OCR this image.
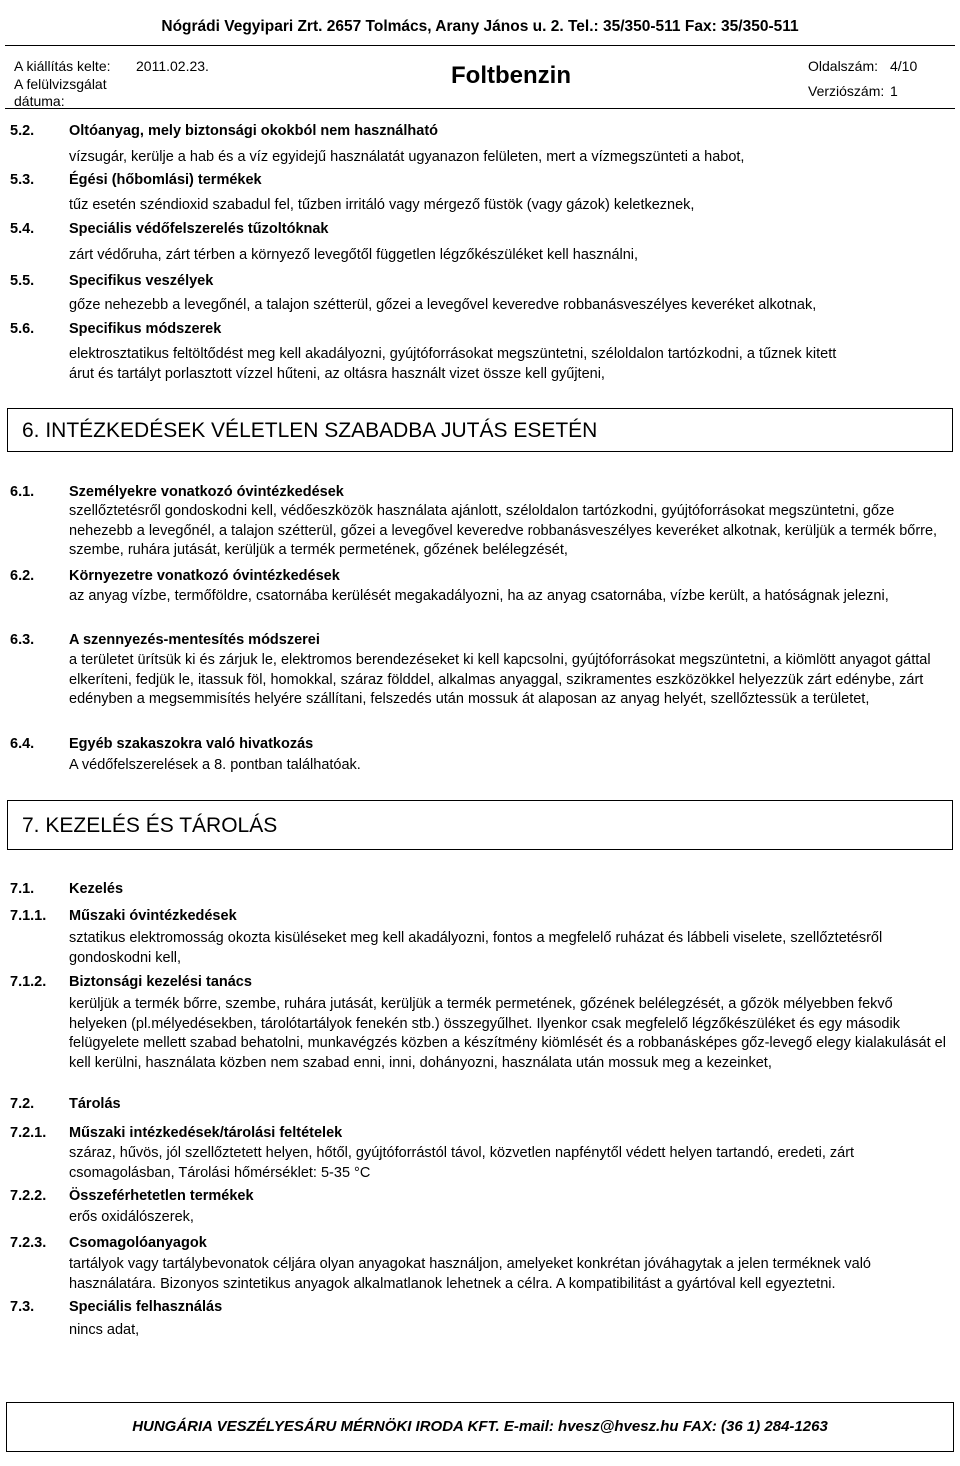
Nógrádi Vegyipari Zrt. 2657 Tolmács, Arany János u. 2. Tel.: 35/350-511 Fax: 35/350-511
A kiállítás kelte: 2011.02.23.
A felülvizsgálat
dátuma:
Foltbenzin	Oldalszám: 4/10
Verziószám: 1
5.2. Oltóanyag, mely biztonsági okokból nem használható
vízsugár, kerülje a hab és a víz egyidejű használatát ugyanazon felületen, mert a vízmegszünteti a habot,
5.3. Égési (hőbomlási) termékek
tűz esetén széndioxid szabadul fel, tűzben irritáló vagy mérgező füstök (vagy gázok) keletkeznek,
5.4. Speciális védőfelszerelés tűzoltóknak
zárt védőruha, zárt térben a környező levegőtől független légzőkészüléket kell használni,
5.5. Specifikus veszélyek
gőze nehezebb a levegőnél, a talajon szétterül, gőzei a levegővel keveredve robbanásveszélyes keveréket alkotnak,
5.6. Specifikus módszerek
elektrosztatikus feltöltődést meg kell akadályozni, gyújtóforrásokat megszüntetni, széloldalon tartózkodni, a tűznek kitett
árut és tartályt porlasztott vízzel hűteni, az oltásra használt vizet össze kell gyűjteni,
6. INTÉZKEDÉSEK VÉLETLEN SZABADBA JUTÁS ESETÉN
6.1. Személyekre vonatkozó óvintézkedések
szellőztetésről gondoskodni kell, védőeszközök használata ajánlott, széloldalon tartózkodni, gyújtóforrásokat megszüntetni, gőze nehezebb a levegőnél, a talajon szétterül, gőzei a levegővel keveredve robbanásveszélyes keveréket alkotnak, kerüljük a termék bőrre, szembe, ruhára jutását, kerüljük a termék permetének, gőzének belélegzését,
6.2. Környezetre vonatkozó óvintézkedések
az anyag vízbe, termőföldre, csatornába kerülését megakadályozni, ha az anyag csatornába, vízbe került, a hatóságnak jelezni,
6.3. A szennyezés-mentesítés módszerei
a területet ürítsük ki és zárjuk le, elektromos berendezéseket ki kell kapcsolni, gyújtóforrásokat megszüntetni, a kiömlött anyagot gáttal elkeríteni, fedjük le, itassuk föl, homokkal, száraz földdel, alkalmas anyaggal, szikramentes eszközökkel helyezzük zárt edénybe, zárt edényben a megsemmisítés helyére szállítani, felszedés után mossuk át alaposan az anyag helyét, szellőztessük a területet,
6.4. Egyéb szakaszokra való hivatkozás
A védőfelszerelések a 8. pontban találhatóak.
7. KEZELÉS ÉS TÁROLÁS
7.1. Kezelés
7.1.1. Műszaki óvintézkedések
sztatikus elektromosság okozta kisüléseket meg kell akadályozni, fontos a megfelelő ruházat és lábbeli viselete, szellőztetésről gondoskodni kell,
7.1.2. Biztonsági kezelési tanács
kerüljük a termék bőrre, szembe, ruhára jutását, kerüljük a termék permetének, gőzének belélegzését, a gőzök mélyebben fekvő helyeken (pl.mélyedésekben, tárolótartályok fenekén stb.) összegyűlhet. Ilyenkor csak megfelelő légzőkészüléket és egy második felügyelete mellett szabad behatolni, munkavégzés közben a készítmény kiömlését és a robbanásképes gőz-levegő elegy kialakulását el kell kerülni, használata közben nem szabad enni, inni, dohányozni, használata után mossuk meg a kezeinket,
7.2. Tárolás
7.2.1. Műszaki intézkedések/tárolási feltételek
száraz, hűvös, jól szellőztetett helyen, hőtől, gyújtóforrástól távol, közvetlen napfénytől védett helyen tartandó, eredeti, zárt csomagolásban, Tárolási hőmérséklet: 5-35 °C
7.2.2. Összeférhetetlen termékek
erős oxidálószerek,
7.2.3. Csomagolóanyagok
tartályok vagy tartálybevonatok céljára olyan anyagokat használjon, amelyeket konkrétan jóváhagytak a jelen terméknek való használatára. Bizonyos szintetikus anyagok alkalmatlanok lehetnek a célra. A kompatibilitást a gyártóval kell egyeztetni.
7.3. Speciális felhasználás
nincs adat,
HUNGÁRIA VESZÉLYESÁRU MÉRNÖKI IRODA KFT. E-mail: hvesz@hvesz.hu FAX: (36 1) 284-1263
